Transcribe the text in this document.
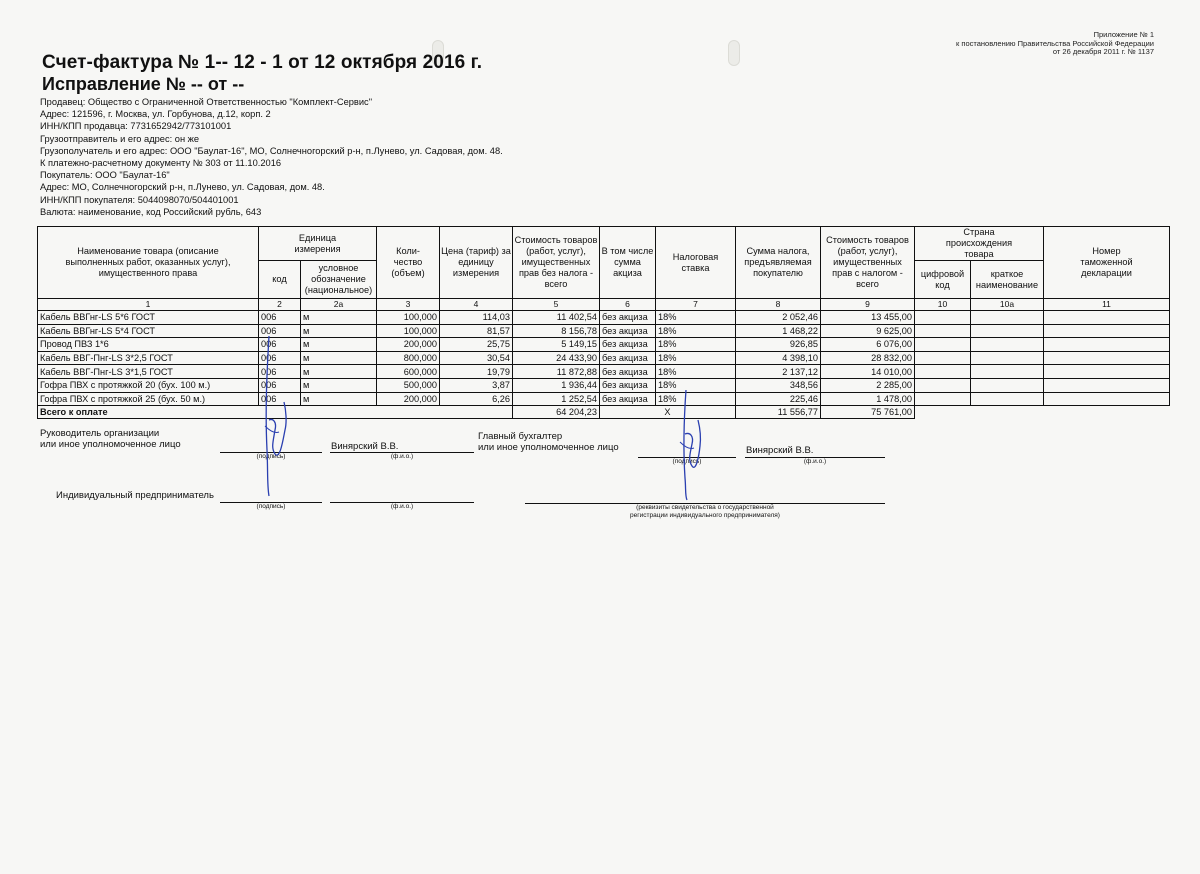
Приложение № 1
к постановлению Правительства Российской Федерации
от 26 декабря 2011 г. № 1137
Счет-фактура № 1-- 12 - 1 от 12 октября 2016 г.
Исправление № -- от --
Продавец: Общество с Ограниченной Ответственностью "Комплект-Сервис"
Адрес: 121596, г. Москва, ул. Горбунова, д.12, корп. 2
ИНН/КПП продавца: 7731652942/773101001
Грузоотправитель и его адрес: он же
Грузополучатель и его адрес: ООО "Баулат-16", МО, Солнечногорский р-н, п.Лунево, ул. Садовая, дом. 48.
К платежно-расчетному документу № 303 от 11.10.2016
Покупатель: ООО "Баулат-16"
Адрес: МО, Солнечногорский р-н, п.Лунево, ул. Садовая, дом. 48.
ИНН/КПП покупателя: 5044098070/504401001
Валюта: наименование, код Российский рубль, 643
Наименование товара (описание выполненных работ, оказанных услуг), имущественного права	Единица измерения		Коли-чество (объем)	Цена (тариф) за единицу измерения	Стоимость товаров (работ, услуг), имущественных прав без налога - всего	В том числе сумма акциза	Налоговая ставка	Сумма налога, предъявляемая покупателю	Стоимость товаров (работ, услуг), имущественных прав с налогом - всего	Страна происхождения товара		Номер таможенной декларации
	код	условное обозначение (национальное)								цифровой код	краткое наименование	
1	2	2а	3	4	5	6	7	8	9	10	10а	11
Кабель ВВГнг-LS 5*6 ГОСТ	006	м	100,000	114,03	11 402,54	без акциза	18%	2 052,46	13 455,00			
Кабель ВВГнг-LS 5*4 ГОСТ	006	м	100,000	81,57	8 156,78	без акциза	18%	1 468,22	9 625,00			
Провод ПВЗ 1*6	006	м	200,000	25,75	5 149,15	без акциза	18%	926,85	6 076,00			
Кабель ВВГ-Пнг-LS 3*2,5 ГОСТ	006	м	800,000	30,54	24 433,90	без акциза	18%	4 398,10	28 832,00			
Кабель ВВГ-Пнг-LS 3*1,5 ГОСТ	006	м	600,000	19,79	11 872,88	без акциза	18%	2 137,12	14 010,00			
Гофра ПВХ с протяжкой 20 (бух. 100 м.)	006	м	500,000	3,87	1 936,44	без акциза	18%	348,56	2 285,00			
Гофра ПВХ с протяжкой 25 (бух. 50 м.)	006	м	200,000	6,26	1 252,54	без акциза	18%	225,46	1 478,00			
Всего к оплате					64 204,23	Х		11 556,77	75 761,00			
Руководитель организации
или иное уполномоченное лицо
(подпись)
Винярский В.В.
(ф.и.о.)
Главный бухгалтер
или иное уполномоченное лицо
(подпись)
Винярский В.В.
(ф.и.о.)
Индивидуальный предприниматель
(подпись)	(ф.и.о.)	(реквизиты свидетельства о государственной
регистрации индивидуального предпринимателя)
